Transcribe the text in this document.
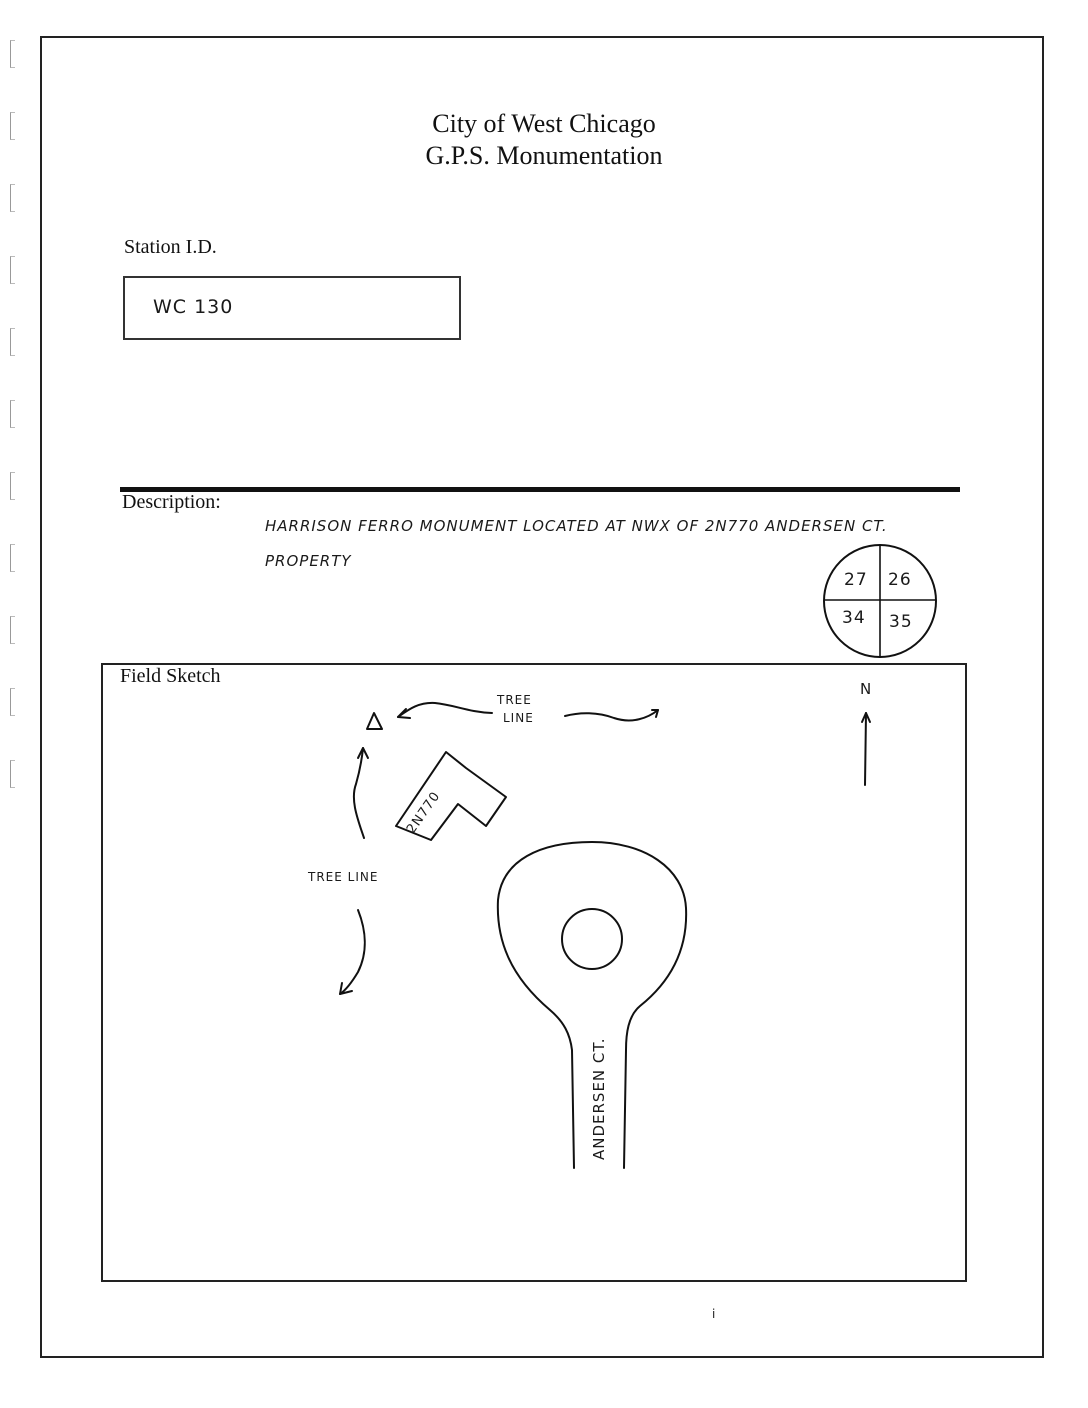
City of West Chicago
G.P.S. Monumentation
Station I.D.
WC 130
Description:
HARRISON FERRO MONUMENT LOCATED AT NWX OF 2N770 ANDERSEN CT.
PROPERTY
27 26
34 35
Field Sketch
N
TREE
LINE
TREE LINE
2N770
ANDERSEN CT.
i
